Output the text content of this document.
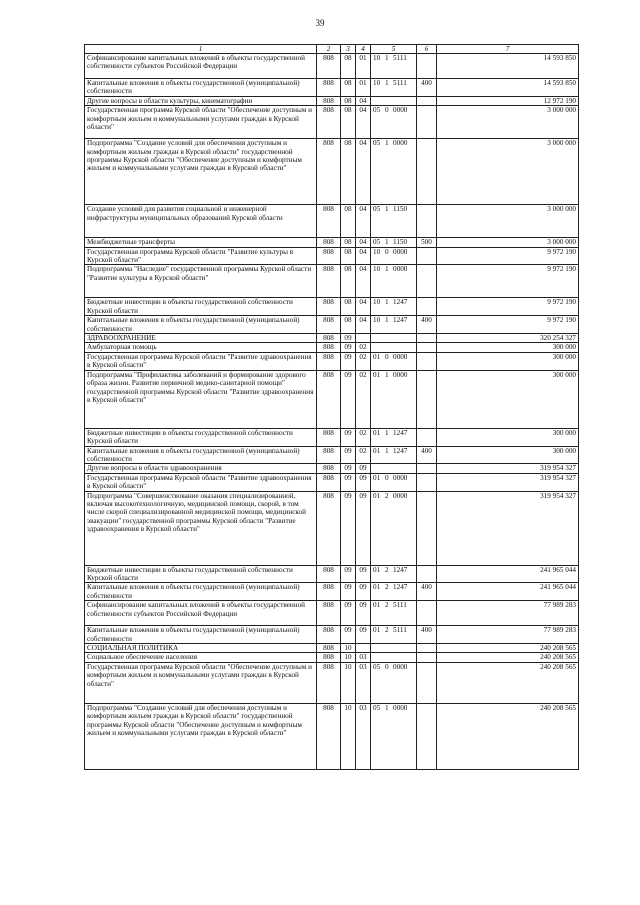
39
1	2	3	4	5	6	7
Софинансирование капитальных вложений в объекты государственной собственности субъектов Российской Федерации	808	08	01	10 1 5111		14 593 850
Капитальные вложения в объекты государственной (муниципальной) собственности	808	08	01	10 1 5111	400	14 593 850
Другие вопросы в области культуры, кинематографии	808	08	04			12 972 190
Государственная программа Курской области "Обеспечение доступным и комфортным жильем и коммунальными услугами граждан в Курской области"	808	08	04	05 0 0000		3 000 000
Подпрограмма "Создание условий для обеспечения доступным и комфортным жильем граждан в Курской области" государственной программы Курской области "Обеспечение доступным и комфортным жильем и коммунальными услугами граждан в Курской области"	808	08	04	05 1 0000		3 000 000
Создание условий для развития социальной и инженерной инфраструктуры муниципальных образований Курской области	808	08	04	05 1 1150		3 000 000
Межбюджетные трансферты	808	08	04	05 1 1150	500	3 000 000
Государственная программа Курской области "Развитие культуры в Курской области"	808	08	04	10 0 0000		9 972 190
Подпрограмма "Наследие" государственной программы Курской области "Развитие культуры в Курской области"	808	08	04	10 1 0000		9 972 190
Бюджетные инвестиции в объекты государственной собственности Курской области	808	08	04	10 1 1247		9 972 190
Капитальные вложения в объекты государственной (муниципальной) собственности	808	08	04	10 1 1247	400	9 972 190
ЗДРАВООХРАНЕНИЕ	808	09				320 254 327
Амбулаторная помощь	808	09	02			300 000
Государственная программа Курской области "Развитие здравоохранения в Курской области"	808	09	02	01 0 0000		300 000
Подпрограмма "Профилактика заболеваний и формирование здорового образа жизни. Развитие первичной медико-санитарной помощи" государственной программы Курской области "Развитие здравоохранения в Курской области"	808	09	02	01 1 0000		300 000
Бюджетные инвестиции в объекты государственной собственности Курской области	808	09	02	01 1 1247		300 000
Капитальные вложения в объекты государственной (муниципальной) собственности	808	09	02	01 1 1247	400	300 000
Другие вопросы в области здравоохранения	808	09	09			319 954 327
Государственная программа Курской области "Развитие здравоохранения в Курской области"	808	09	09	01 0 0000		319 954 327
Подпрограмма "Совершенствование оказания специализированной, включая высокотехнологичную, медицинской помощи, скорой, в том числе скорой специализированной медицинской помощи, медицинской эвакуации" государственной программы Курской области "Развитие здравоохранения в Курской области"	808	09	09	01 2 0000		319 954 327
Бюджетные инвестиции в объекты государственной собственности Курской области	808	09	09	01 2 1247		241 965 044
Капитальные вложения в объекты государственной (муниципальной) собственности	808	09	09	01 2 1247	400	241 965 044
Софинансирование капитальных вложений в объекты государственной собственности субъектов Российской Федерации	808	09	09	01 2 5111		77 989 283
Капитальные вложения в объекты государственной (муниципальной) собственности	808	09	09	01 2 5111	400	77 989 283
СОЦИАЛЬНАЯ ПОЛИТИКА	808	10				240 208 565
Социальное обеспечение населения	808	10	03			240 208 565
Государственная программа Курской области "Обеспечение доступным и комфортным жильем и коммунальными услугами граждан в Курской области"	808	10	03	05 0 0000		240 208 565
Подпрограмма "Создание условий для обеспечения доступным и комфортным жильем граждан в Курской области" государственной программы Курской области "Обеспечение доступным и комфортным жильем и коммунальными услугами граждан в Курской области"	808	10	03	05 1 0000		240 208 565
